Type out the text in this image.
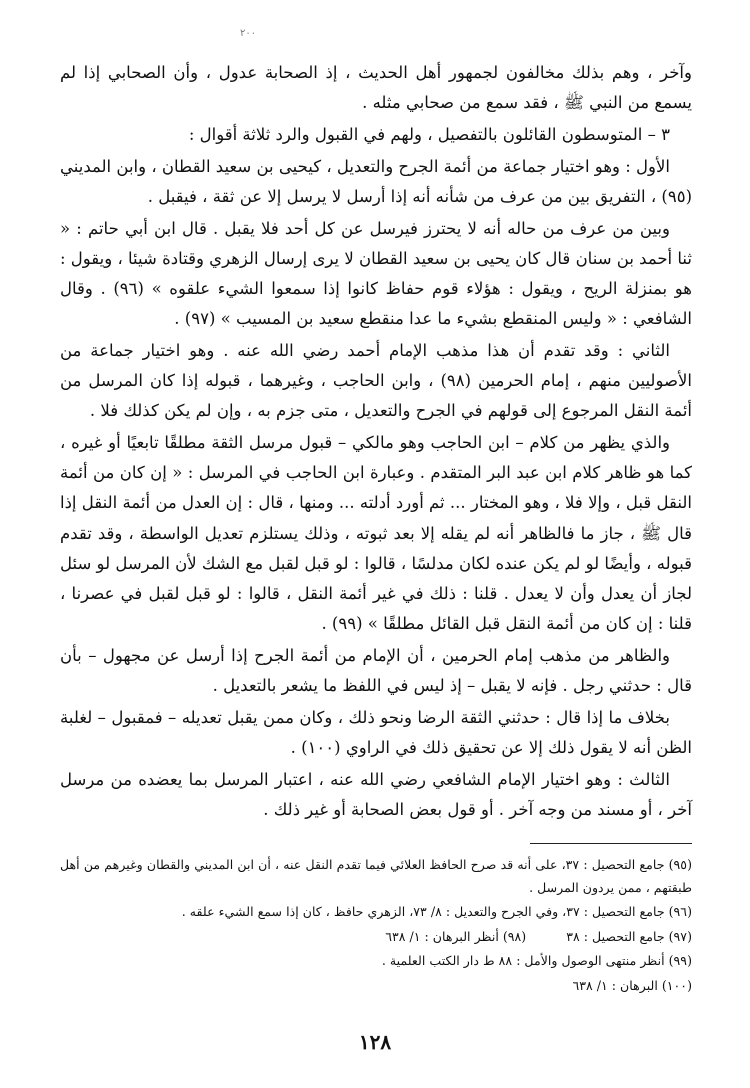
٢٠٠

وآخر ، وهم بذلك مخالفون لجمهور أهل الحديث ، إذ الصحابة عدول ، وأن الصحابي إذا لم يسمع من النبي ﷺ ، فقد سمع من صحابي مثله .

٣ – المتوسطون القائلون بالتفصيل ، ولهم في القبول والرد ثلاثة أقوال :

الأول : وهو اختيار جماعة من أئمة الجرح والتعديل ، كيحيى بن سعيد القطان ، وابن المديني (٩٥) ، التفريق بين من عرف من شأنه أنه إذا أرسل لا يرسل إلا عن ثقة ، فيقبل .

وبين من عرف من حاله أنه لا يحترز فيرسل عن كل أحد فلا يقبل . قال ابن أبي حاتم : « ثنا أحمد بن سنان قال كان يحيى بن سعيد القطان لا يرى إرسال الزهري وقتادة شيئا ، ويقول : هو بمنزلة الريح ، ويقول : هؤلاء قوم حفاظ كانوا إذا سمعوا الشيء علقوه » (٩٦) . وقال الشافعي : « وليس المنقطع بشيء ما عدا منقطع سعيد بن المسيب » (٩٧) .

الثاني : وقد تقدم أن هذا مذهب الإمام أحمد رضي الله عنه . وهو اختيار جماعة من الأصوليين منهم ، إمام الحرمين (٩٨) ، وابن الحاجب ، وغيرهما ، قبوله إذا كان المرسل من أئمة النقل المرجوع إلى قولهم في الجرح والتعديل ، متى جزم به ، وإن لم يكن كذلك فلا .

والذي يظهر من كلام – ابن الحاجب وهو مالكي – قبول مرسل الثقة مطلقًا تابعيًا أو غيره ، كما هو ظاهر كلام ابن عبد البر المتقدم . وعبارة ابن الحاجب في المرسل : « إن كان من أئمة النقل قبل ، وإلا فلا ، وهو المختار ... ثم أورد أدلته ... ومنها ، قال : إن العدل من أئمة النقل إذا قال ﷺ ، جاز ما فالظاهر أنه لم يقله إلا بعد ثبوته ، وذلك يستلزم تعديل الواسطة ، وقد تقدم قبوله ، وأيضًا لو لم يكن عنده لكان مدلسًا ، قالوا : لو قبل لقبل مع الشك لأن المرسل لو سئل لجاز أن يعدل وأن لا يعدل . قلنا : ذلك في غير أئمة النقل ، قالوا : لو قبل لقبل في عصرنا ، قلنا : إن كان من أئمة النقل قبل القائل مطلقًا » (٩٩) .

والظاهر من مذهب إمام الحرمين ، أن الإمام من أئمة الجرح إذا أرسل عن مجهول – بأن قال : حدثني رجل . فإنه لا يقبل – إذ ليس في اللفظ ما يشعر بالتعديل .

بخلاف ما إذا قال : حدثني الثقة الرضا ونحو ذلك ، وكان ممن يقبل تعديله – فمقبول – لغلبة الظن أنه لا يقول ذلك إلا عن تحقيق ذلك في الراوي (١٠٠) .

الثالث : وهو اختيار الإمام الشافعي رضي الله عنه ، اعتبار المرسل بما يعضده من مرسل آخر ، أو مسند من وجه آخر . أو قول بعض الصحابة أو غير ذلك .

(٩٥) جامع التحصيل : ٣٧، على أنه قد صرح الحافظ العلائي فيما تقدم النقل عنه ، أن ابن المديني والقطان وغيرهم من أهل طبقتهم ، ممن يردون المرسل .

(٩٦) جامع التحصيل : ٣٧، وفي الجرح والتعديل : ٨/ ٧٣، الزهري حافظ ، كان إذا سمع الشيء علقه .

(٩٧) جامع التحصيل : ٣٨          (٩٨) أنظر البرهان : ١/ ٦٣٨

(٩٩) أنظر منتهى الوصول والأمل : ٨٨ ط دار الكتب العلمية .

(١٠٠) البرهان : ١/ ٦٣٨

١٢٨
